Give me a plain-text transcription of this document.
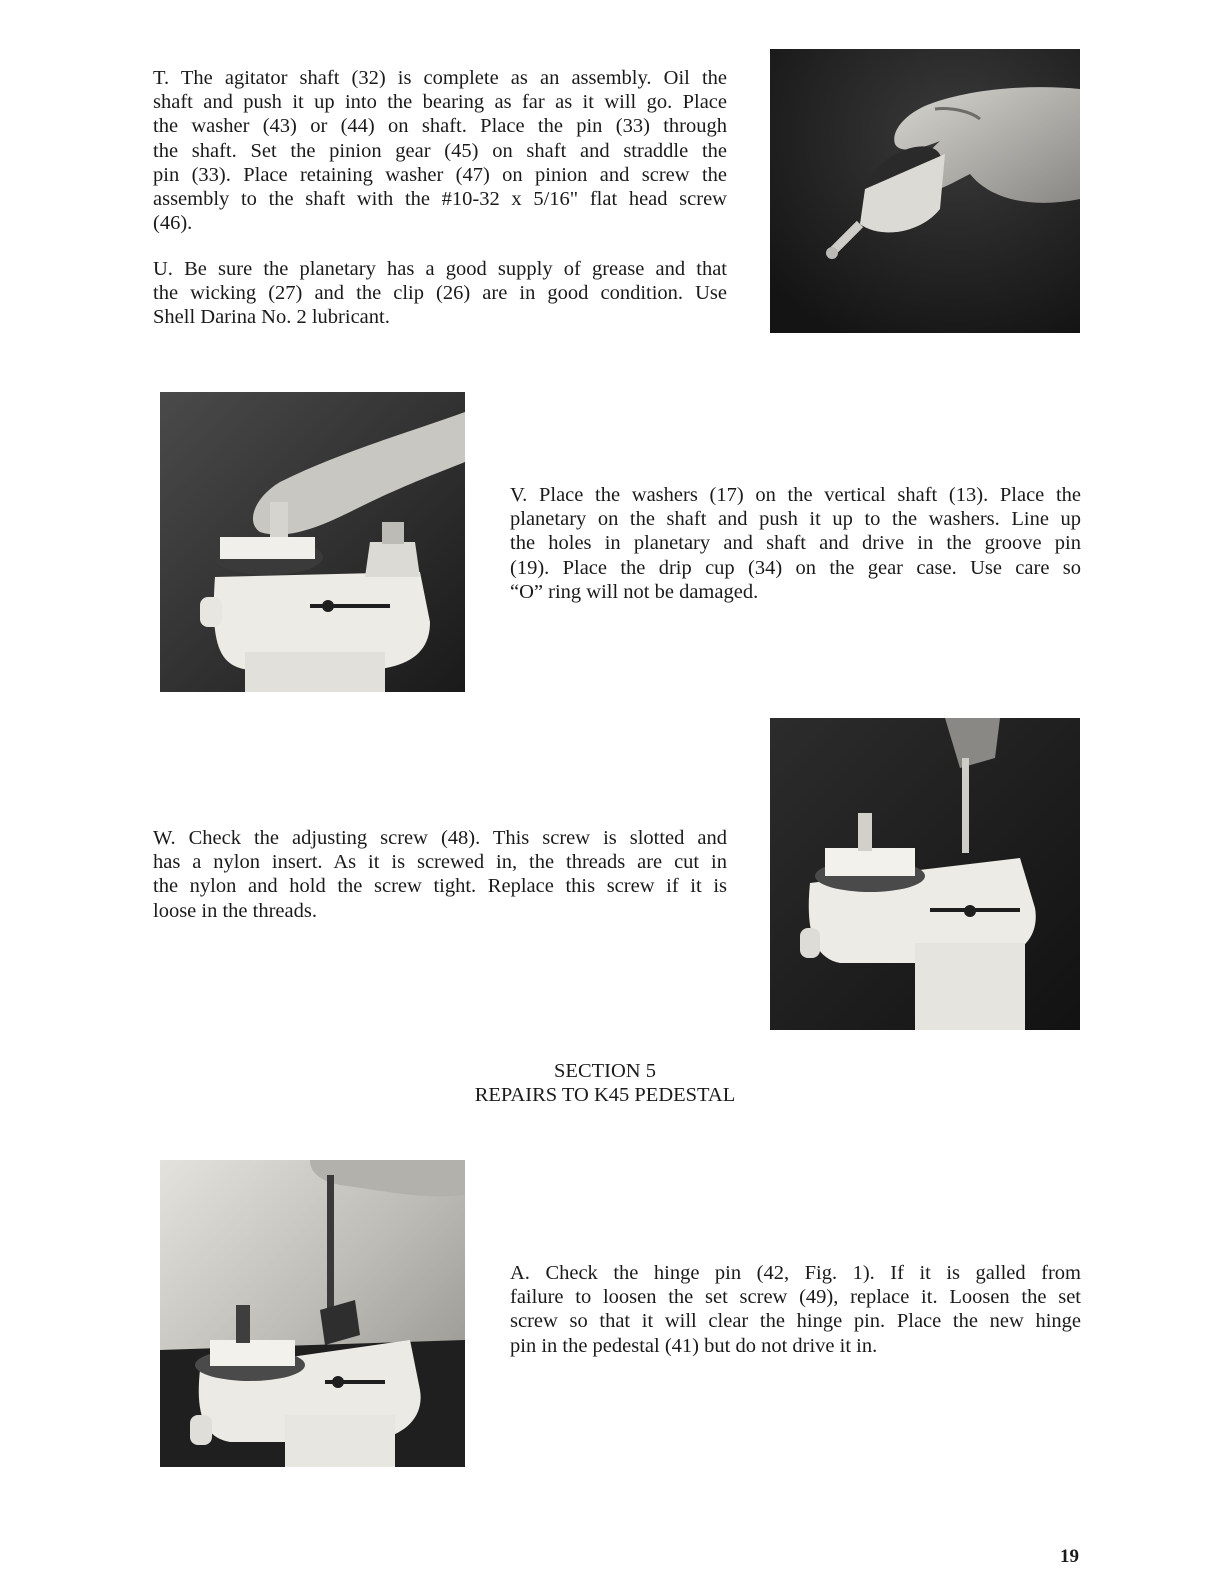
T. The agitator shaft (32) is complete as an assembly. Oil the
shaft and push it up into the bearing as far as it will go. Place
the washer (43) or (44) on shaft. Place the pin (33) through
the shaft. Set the pinion gear (45) on shaft and straddle the
pin (33). Place retaining washer (47) on pinion and screw the
assembly to the shaft with the #10-32 x 5/16" flat head screw
(46).
U. Be sure the planetary has a good supply of grease and that
the wicking (27) and the clip (26) are in good condition. Use
Shell Darina No. 2 lubricant.
V. Place the washers (17) on the vertical shaft (13). Place the
planetary on the shaft and push it up to the washers. Line up
the holes in planetary and shaft and drive in the groove pin
(19). Place the drip cup (34) on the gear case. Use care so
“O” ring will not be damaged.
W. Check the adjusting screw (48). This screw is slotted and
has a nylon insert. As it is screwed in, the threads are cut in
the nylon and hold the screw tight. Replace this screw if it is
loose in the threads.
SECTION 5
REPAIRS TO K45 PEDESTAL
A. Check the hinge pin (42, Fig. 1). If it is galled from
failure to loosen the set screw (49), replace it. Loosen the set
screw so that it will clear the hinge pin. Place the new hinge
pin in the pedestal (41) but do not drive it in.
19
